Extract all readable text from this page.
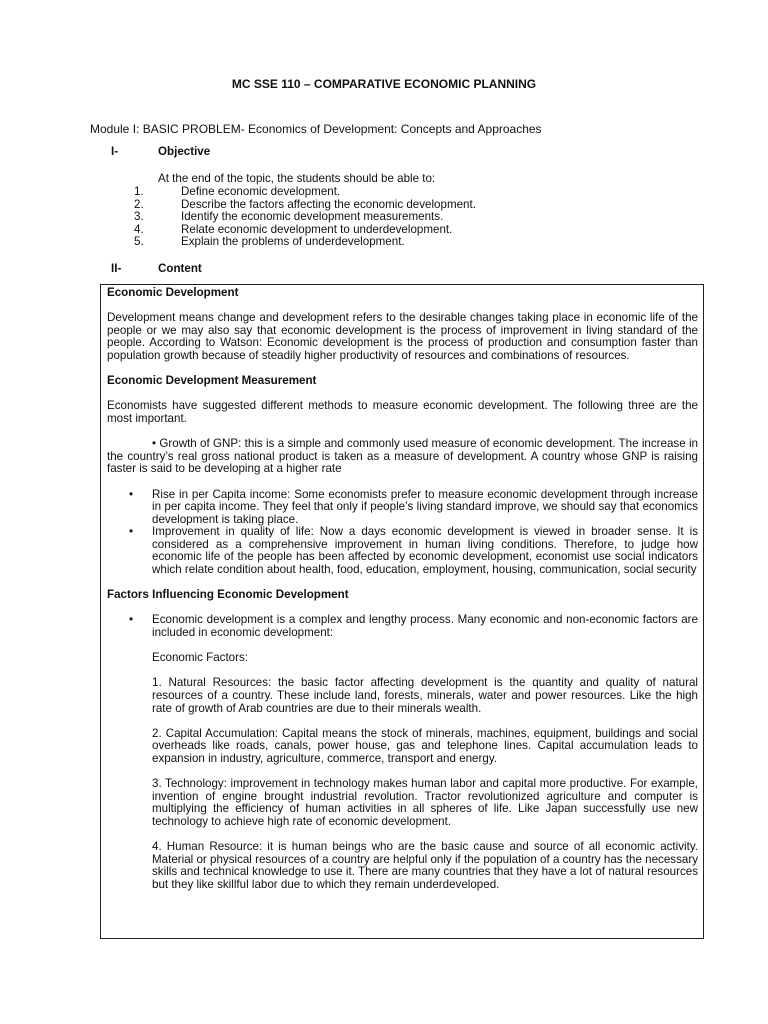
MC SSE 110 – COMPARATIVE ECONOMIC PLANNING
Module I: BASIC PROBLEM- Economics of Development: Concepts and Approaches
I-	Objective
At the end of the topic, the students should be able to:
1.	Define economic development.
2.	Describe the factors affecting the economic development.
3.	Identify the economic development measurements.
4.	Relate economic development to underdevelopment.
5.	Explain the problems of underdevelopment.
II-	Content

Economic Development

Development means change and development refers to the desirable changes taking place in economic life of the people or we may also say that economic development is the process of improvement in living standard of the people. According to Watson: Economic development is the process of production and consumption faster than population growth because of steadily higher productivity of resources and combinations of resources.

Economic Development Measurement

Economists have suggested different methods to measure economic development. The following three are the most important.

• Growth of GNP: this is a simple and commonly used measure of economic development. The increase in the country’s real gross national product is taken as a measure of development. A country whose GNP is raising faster is said to be developing at a higher rate

• Rise in per Capita income: Some economists prefer to measure economic development through increase in per capita income. They feel that only if people’s living standard improve, we should say that economics development is taking place.
• Improvement in quality of life: Now a days economic development is viewed in broader sense. It is considered as a comprehensive improvement in human living conditions. Therefore, to judge how economic life of the people has been affected by economic development, economist use social indicators which relate condition about health, food, education, employment, housing, communication, social security

Factors Influencing Economic Development

• Economic development is a complex and lengthy process. Many economic and non-economic factors are included in economic development:

Economic Factors:

1. Natural Resources: the basic factor affecting development is the quantity and quality of natural resources of a country. These include land, forests, minerals, water and power resources. Like the high rate of growth of Arab countries are due to their minerals wealth.

2. Capital Accumulation: Capital means the stock of minerals, machines, equipment, buildings and social overheads like roads, canals, power house, gas and telephone lines. Capital accumulation leads to expansion in industry, agriculture, commerce, transport and energy.

3. Technology: improvement in technology makes human labor and capital more productive. For example, invention of engine brought industrial revolution. Tractor revolutionized agriculture and computer is multiplying the efficiency of human activities in all spheres of life. Like Japan successfully use new technology to achieve high rate of economic development.

4. Human Resource: it is human beings who are the basic cause and source of all economic activity. Material or physical resources of a country are helpful only if the population of a country has the necessary skills and technical knowledge to use it. There are many countries that they have a lot of natural resources but they like skillful labor due to which they remain underdeveloped.
